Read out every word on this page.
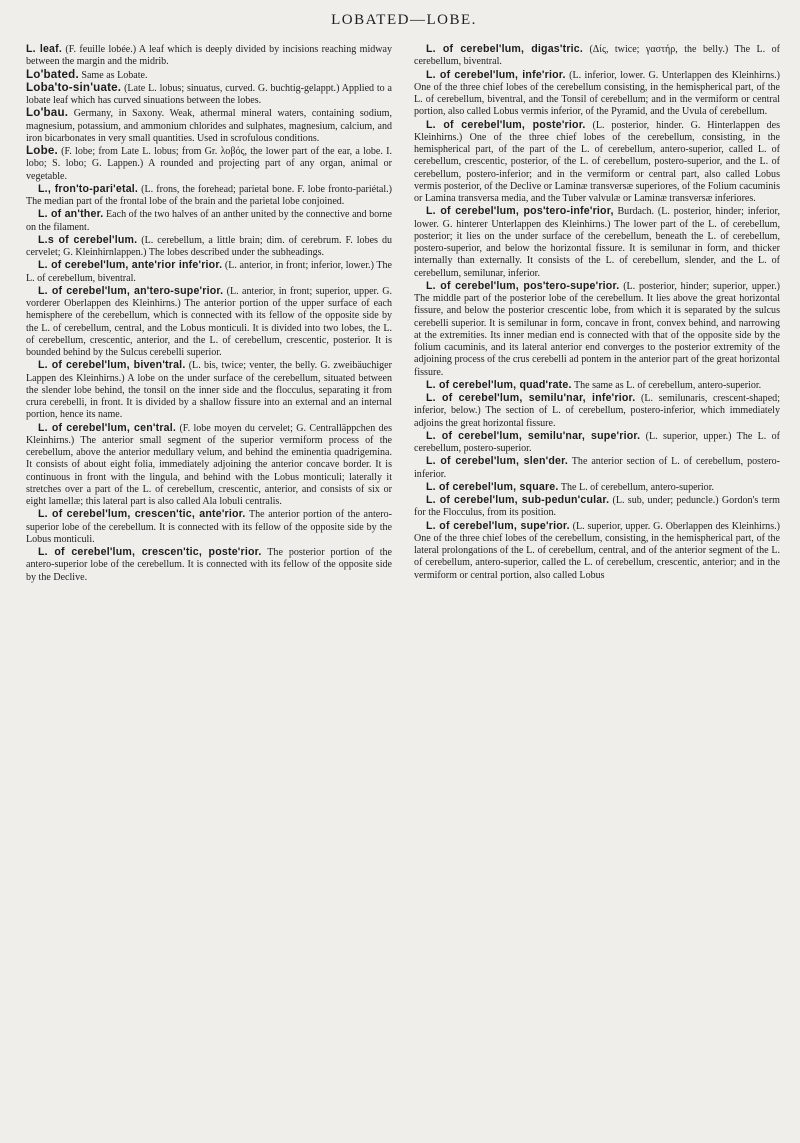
LOBATED—LOBE.

L. leaf. (F. feuille lobée.) A leaf which is deeply divided by incisions reaching midway between the margin and the midrib.

Lo'bated. Same as Lobate.

Loba'to-sin'uate. (Late L. lobus; sinuatus, curved. G. buchtig-gelappt.) Applied to a lobate leaf which has curved sinuations between the lobes.

Lo'bau. Germany, in Saxony. Weak, athermal mineral waters, containing sodium, magnesium, potassium, and ammonium chlorides and sulphates, magnesium, calcium, and iron bicarbonates in very small quantities. Used in scrofulous conditions.

Lobe. (F. lobe; from Late L. lobus; from Gr. λοβός, the lower part of the ear, a lobe. I. lobo; S. lobo; G. Lappen.) A rounded and projecting part of any organ, animal or vegetable.

L., fron'to-pari'etal. (L. frons, the forehead; parietal bone. F. lobe fronto-pariétal.) The median part of the frontal lobe of the brain and the parietal lobe conjoined.

L. of an'ther. Each of the two halves of an anther united by the connective and borne on the filament.

L.s of cerebel'lum. (L. cerebellum, a little brain; dim. of cerebrum. F. lobes du cervelet; G. Kleinhirnlappen.) The lobes described under the subheadings.

L. of cerebel'lum, ante'rior infe'rior. (L. anterior, in front; inferior, lower.) The L. of cerebellum, biventral.

L. of cerebel'lum, an'tero-supe'rior. (L. anterior, in front; superior, upper. G. vorderer Oberlappen des Kleinhirns.) The anterior portion of the upper surface of each hemisphere of the cerebellum, which is connected with its fellow of the opposite side by the L. of cerebellum, central, and the Lobus monticuli. It is divided into two lobes, the L. of cerebellum, crescentic, anterior, and the L. of cerebellum, crescentic, posterior. It is bounded behind by the Sulcus cerebelli superior.

L. of cerebel'lum, biven'tral. (L. bis, twice; venter, the belly. G. zweibäuchiger Lappen des Kleinhirns.) A lobe on the under surface of the cerebellum, situated between the slender lobe behind, the tonsil on the inner side and the flocculus, separating it from crura cerebelli, in front. It is divided by a shallow fissure into an external and an internal portion, hence its name.

L. of cerebel'lum, cen'tral. (F. lobe moyen du cervelet; G. Centralläppchen des Kleinhirns.) The anterior small segment of the superior vermiform process of the cerebellum, above the anterior medullary velum, and behind the eminentia quadrigemina. It consists of about eight folia, immediately adjoining the anterior concave border. It is continuous in front with the lingula, and behind with the Lobus monticuli; laterally it stretches over a part of the L. of cerebellum, crescentic, anterior, and consists of six or eight lamellæ; this lateral part is also called Ala lobuli centralis.

L. of cerebel'lum, crescen'tic, ante'rior. The anterior portion of the antero-superior lobe of the cerebellum. It is connected with its fellow of the opposite side by the Lobus monticuli.

L. of cerebel'lum, crescen'tic, poste'rior. The posterior portion of the antero-superior lobe of the cerebellum. It is connected with its fellow of the opposite side by the Declive.

L. of cerebel'lum, digas'tric. (Δίς, twice; γαστήρ, the belly.) The L. of cerebellum, biventral.

L. of cerebel'lum, infe'rior. (L. inferior, lower. G. Unterlappen des Kleinhirns.) One of the three chief lobes of the cerebellum consisting, in the hemispherical part, of the L. of cerebellum, biventral, and the Tonsil of cerebellum; and in the vermiform or central portion, also called Lobus vermis inferior, of the Pyramid, and the Uvula of cerebellum.

L. of cerebel'lum, poste'rior. (L. posterior, hinder. G. Hinterlappen des Kleinhirns.) One of the three chief lobes of the cerebellum, consisting, in the hemispherical part, of the part of the L. of cerebellum, antero-superior, called L. of cerebellum, crescentic, posterior, of the L. of cerebellum, postero-superior, and the L. of cerebellum, postero-inferior; and in the vermiform or central part, also called Lobus vermis posterior, of the Declive or Laminæ transversæ superiores, of the Folium cacuminis or Lamina transversa media, and the Tuber valvulæ or Laminæ transversæ inferiores.

L. of cerebel'lum, pos'tero-infe'rior, Burdach. (L. posterior, hinder; inferior, lower. G. hinterer Unterlappen des Kleinhirns.) The lower part of the L. of cerebellum, posterior; it lies on the under surface of the cerebellum, beneath the L. of cerebellum, postero-superior, and below the horizontal fissure. It is semilunar in form, and thicker internally than externally. It consists of the L. of cerebellum, slender, and the L. of cerebellum, semilunar, inferior.

L. of cerebel'lum, pos'tero-supe'rior. (L. posterior, hinder; superior, upper.) The middle part of the posterior lobe of the cerebellum. It lies above the great horizontal fissure, and below the posterior crescentic lobe, from which it is separated by the sulcus cerebelli superior. It is semilunar in form, concave in front, convex behind, and narrowing at the extremities. Its inner median end is connected with that of the opposite side by the folium cacuminis, and its lateral anterior end converges to the posterior extremity of the adjoining process of the crus cerebelli ad pontem in the anterior part of the great horizontal fissure.

L. of cerebel'lum, quad'rate. The same as L. of cerebellum, antero-superior.

L. of cerebel'lum, semilu'nar, infe'rior. (L. semilunaris, crescent-shaped; inferior, below.) The section of L. of cerebellum, postero-inferior, which immediately adjoins the great horizontal fissure.

L. of cerebel'lum, semilu'nar, supe'rior. (L. superior, upper.) The L. of cerebellum, postero-superior.

L. of cerebel'lum, slen'der. The anterior section of L. of cerebellum, postero-inferior.

L. of cerebel'lum, square. The L. of cerebellum, antero-superior.

L. of cerebel'lum, sub-pedun'cular. (L. sub, under; peduncle.) Gordon's term for the Flocculus, from its position.

L. of cerebel'lum, supe'rior. (L. superior, upper. G. Oberlappen des Kleinhirns.) One of the three chief lobes of the cerebellum, consisting, in the hemispherical part, of the lateral prolongations of the L. of cerebellum, central, and of the anterior segment of the L. of cerebellum, antero-superior, called the L. of cerebellum, crescentic, anterior; and in the vermiform or central portion, also called Lobus
